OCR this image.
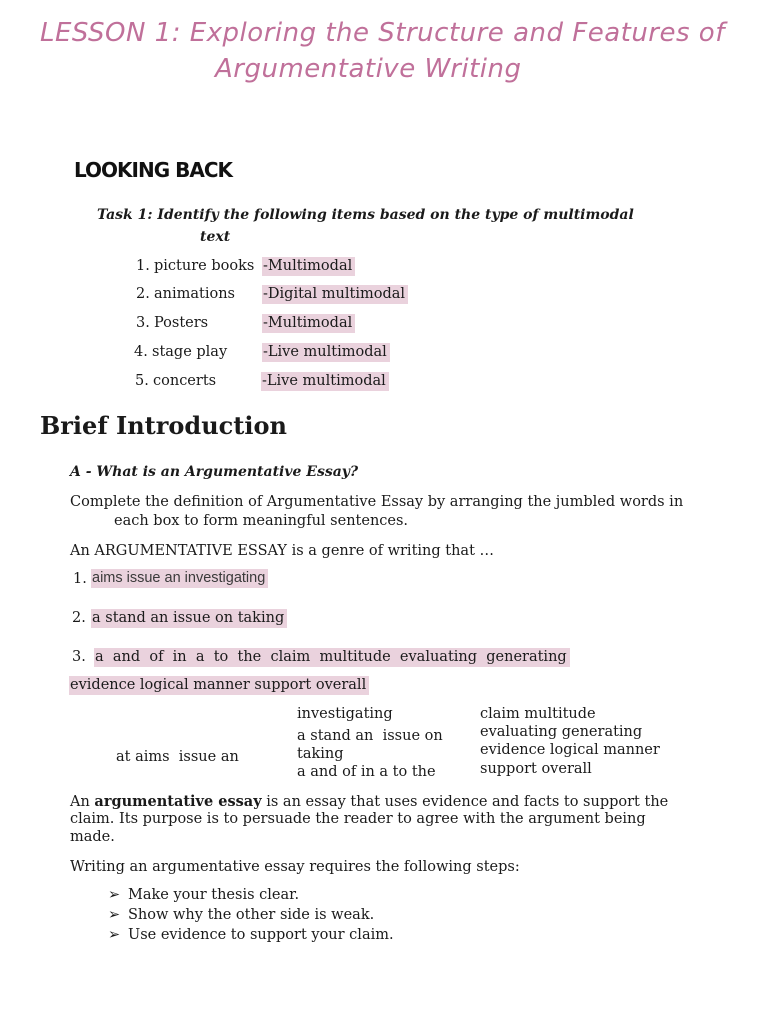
LESSON 1: Exploring the Structure and Features of
Argumentative Writing
LOOKING BACK
Task 1: Identify the following items based on the type of multimodal
text
1. picture books -Multimodal
2. animations -Digital multimodal
3. Posters	-Multimodal
4. stage play -Live multimodal
5. concerts	-Live multimodal
Brief Introduction
A - What is an Argumentative Essay?
Complete the definition of Argumentative Essay by arranging the jumbled words in
each box to form meaningful sentences.
An ARGUMENTATIVE ESSAY is a genre of writing that …
1. aims issue an investigating
2. a stand an issue on taking
3. a  and  of  in  a  to  the  claim  multitude  evaluating  generating
evidence logical manner support overall
at aims  issue an
investigating
a stand an  issue on
taking
a and of in a to the
claim multitude
evaluating generating
evidence logical manner
support overall
An argumentative essay is an essay that uses evidence and facts to support the
claim. Its purpose is to persuade the reader to agree with the argument being
made.
Writing an argumentative essay requires the following steps:
➢ Make your thesis clear.
➢ Show why the other side is weak.
➢ Use evidence to support your claim.
